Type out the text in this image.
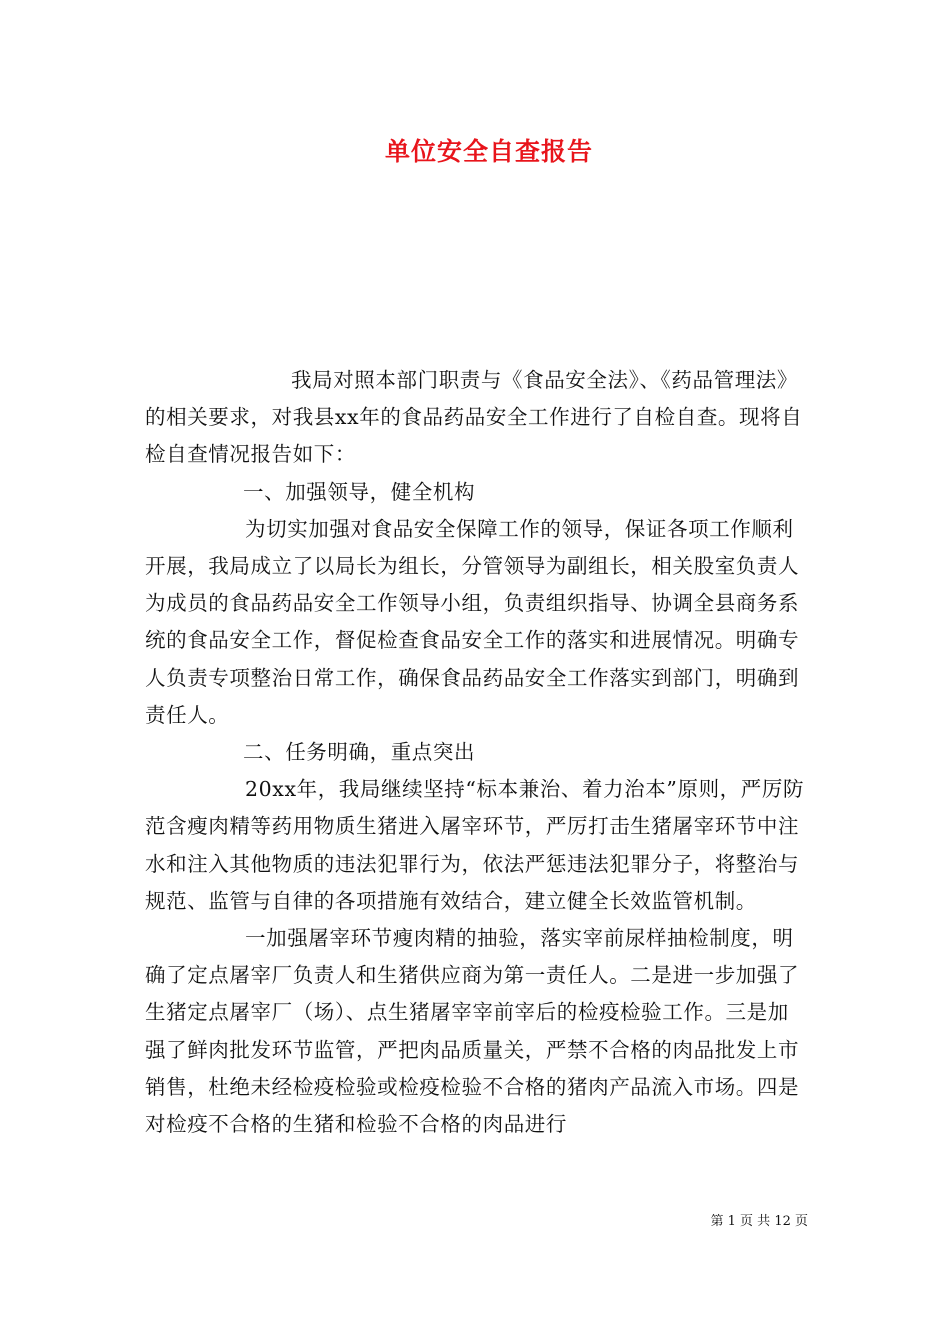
单位安全自查报告

我局对照本部门职责与《食品安全法》、《药品管理法》的相关要求，对我县xx年的食品药品安全工作进行了自检自查。现将自检自查情况报告如下：

一、加强领导，健全机构

为切实加强对食品安全保障工作的领导，保证各项工作顺利开展，我局成立了以局长为组长，分管领导为副组长，相关股室负责人为成员的食品药品安全工作领导小组，负责组织指导、协调全县商务系统的食品安全工作，督促检查食品安全工作的落实和进展情况。明确专人负责专项整治日常工作，确保食品药品安全工作落实到部门，明确到责任人。

二、任务明确，重点突出

20xx年，我局继续坚持“标本兼治、着力治本”原则，严厉防范含瘦肉精等药用物质生猪进入屠宰环节，严厉打击生猪屠宰环节中注水和注入其他物质的违法犯罪行为，依法严惩违法犯罪分子，将整治与规范、监管与自律的各项措施有效结合，建立健全长效监管机制。

一加强屠宰环节瘦肉精的抽验，落实宰前尿样抽检制度，明确了定点屠宰厂负责人和生猪供应商为第一责任人。二是进一步加强了生猪定点屠宰厂（场）、点生猪屠宰宰前宰后的检疫检验工作。三是加强了鲜肉批发环节监管，严把肉品质量关，严禁不合格的肉品批发上市销售，杜绝未经检疫检验或检疫检验不合格的猪肉产品流入市场。四是对检疫不合格的生猪和检验不合格的肉品进行

第 1 页 共 12 页
